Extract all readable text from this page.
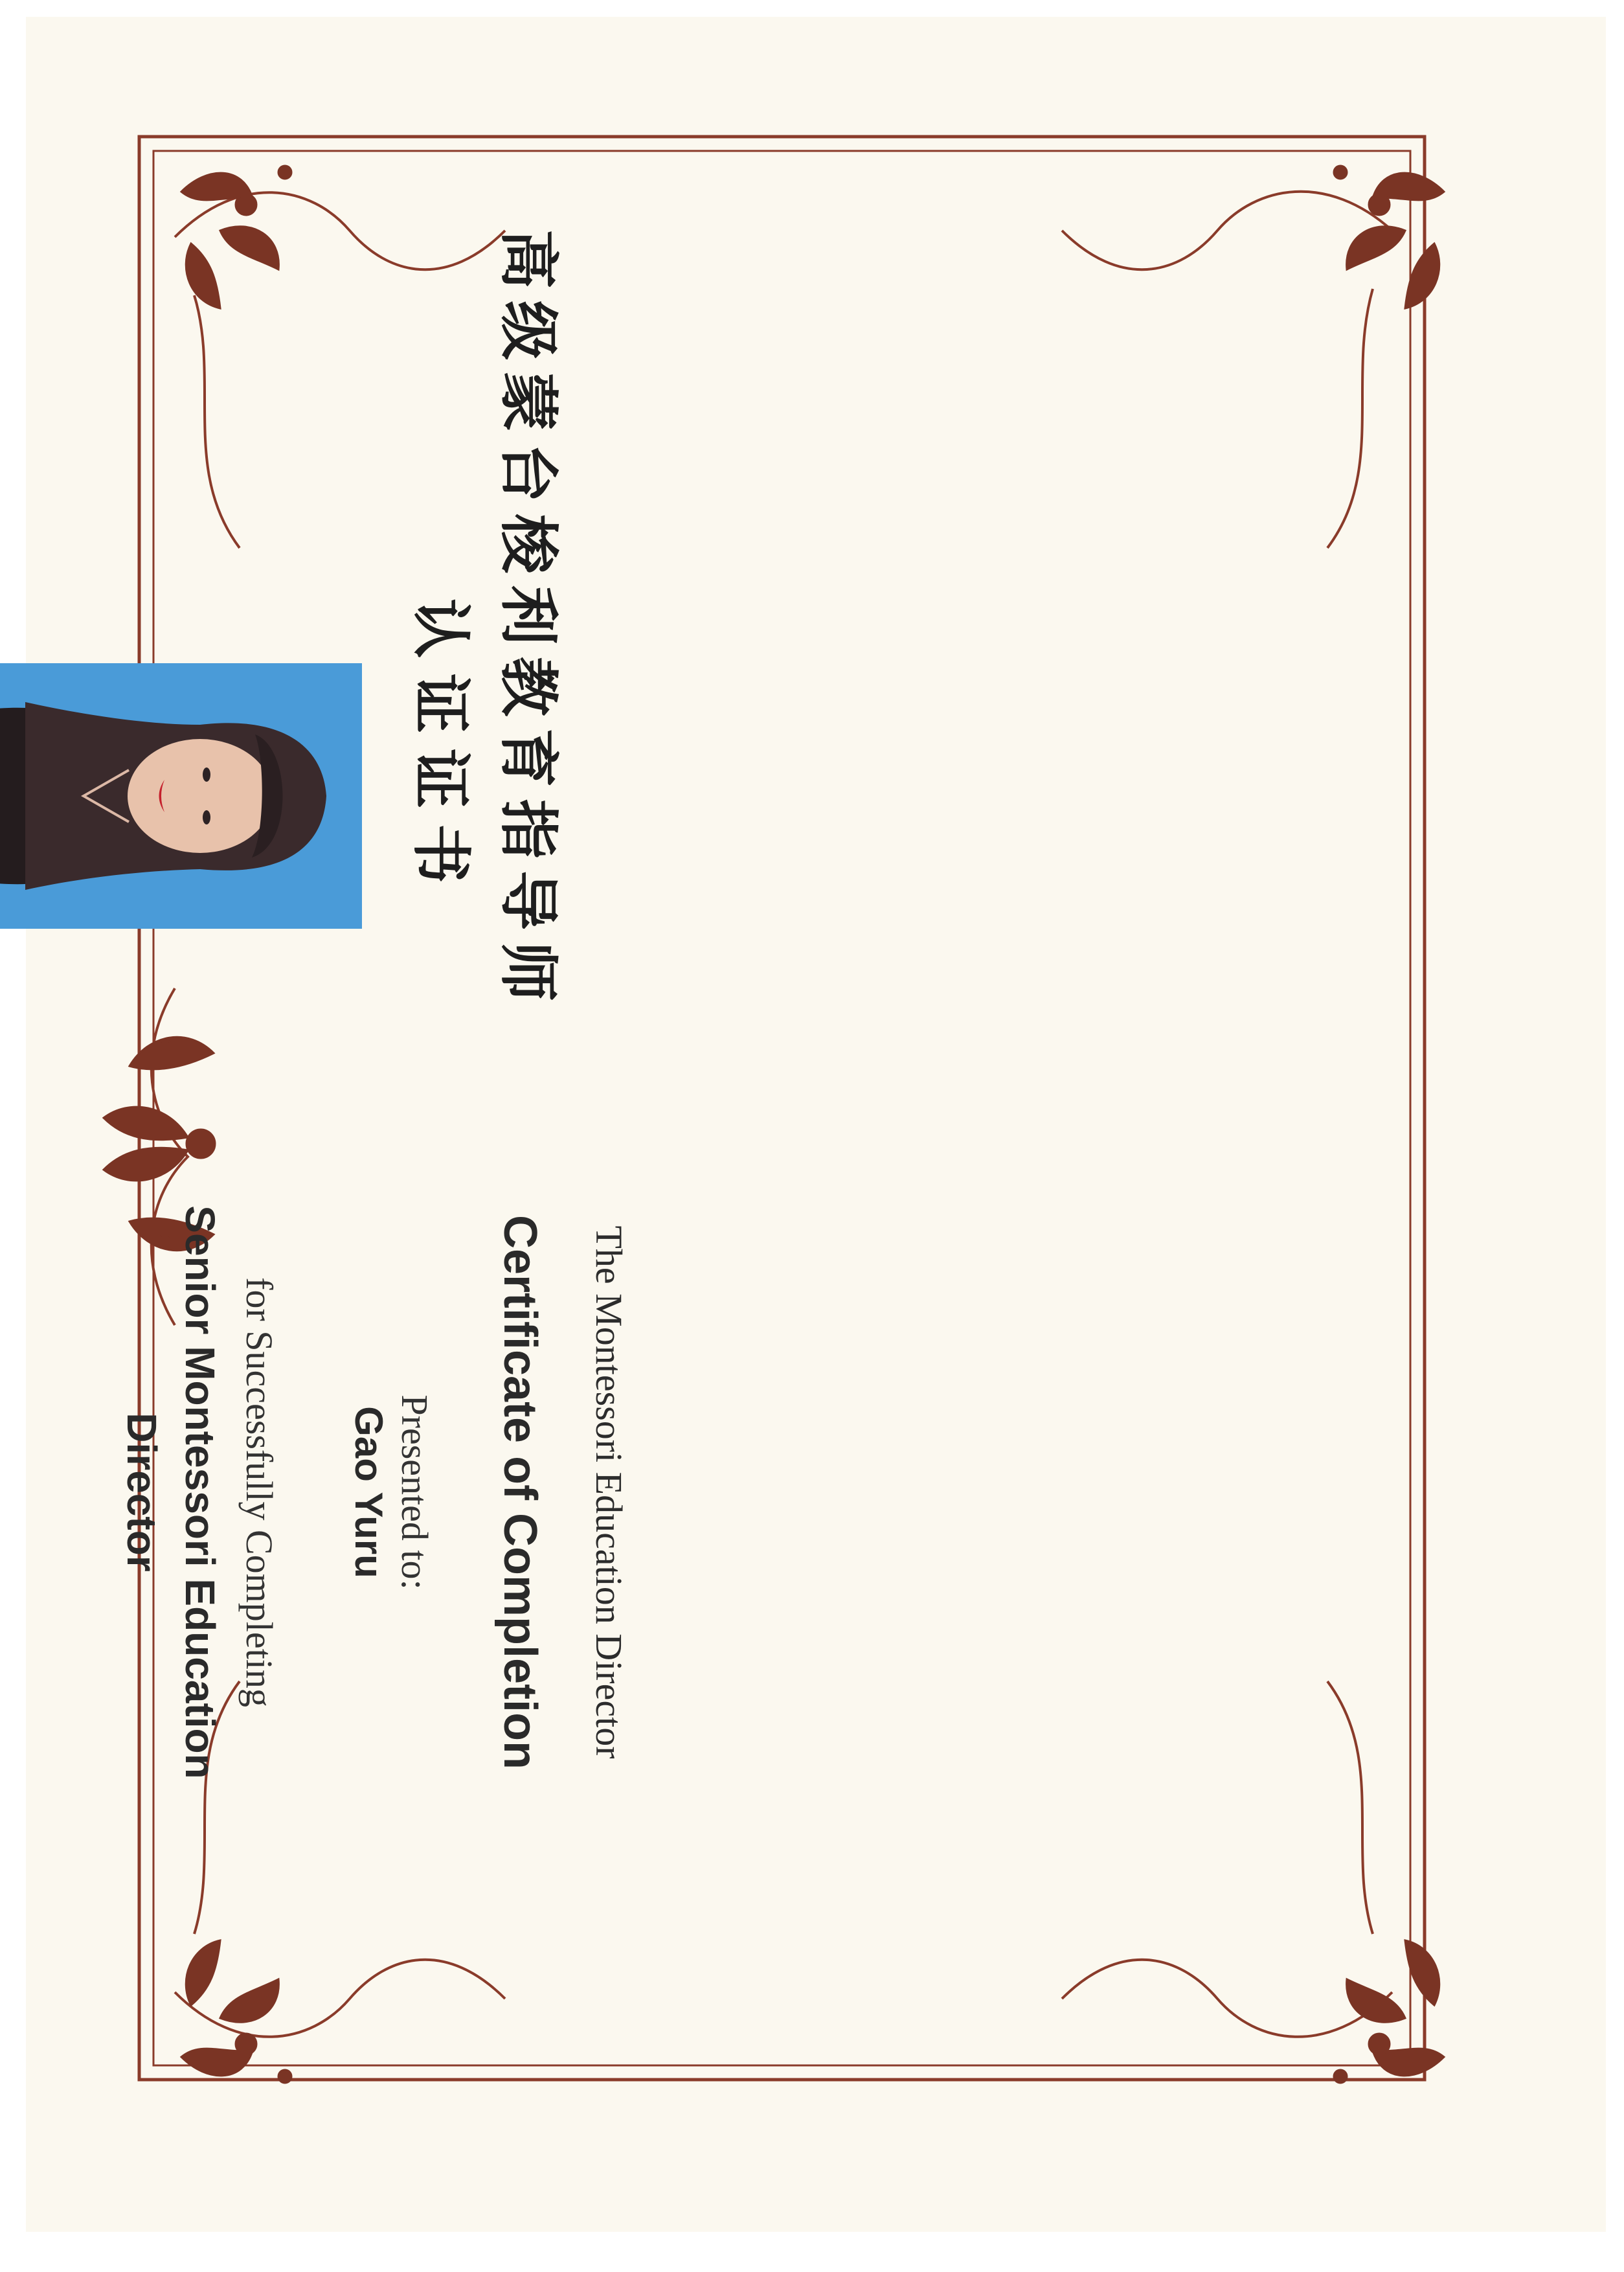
The Montessori Education Director
Certificate of Completion
Presented to:
Gao Yuru
for Successfully Completing
Senior Montessori Education
Director
高级蒙台梭利教育指导师
认证证书
